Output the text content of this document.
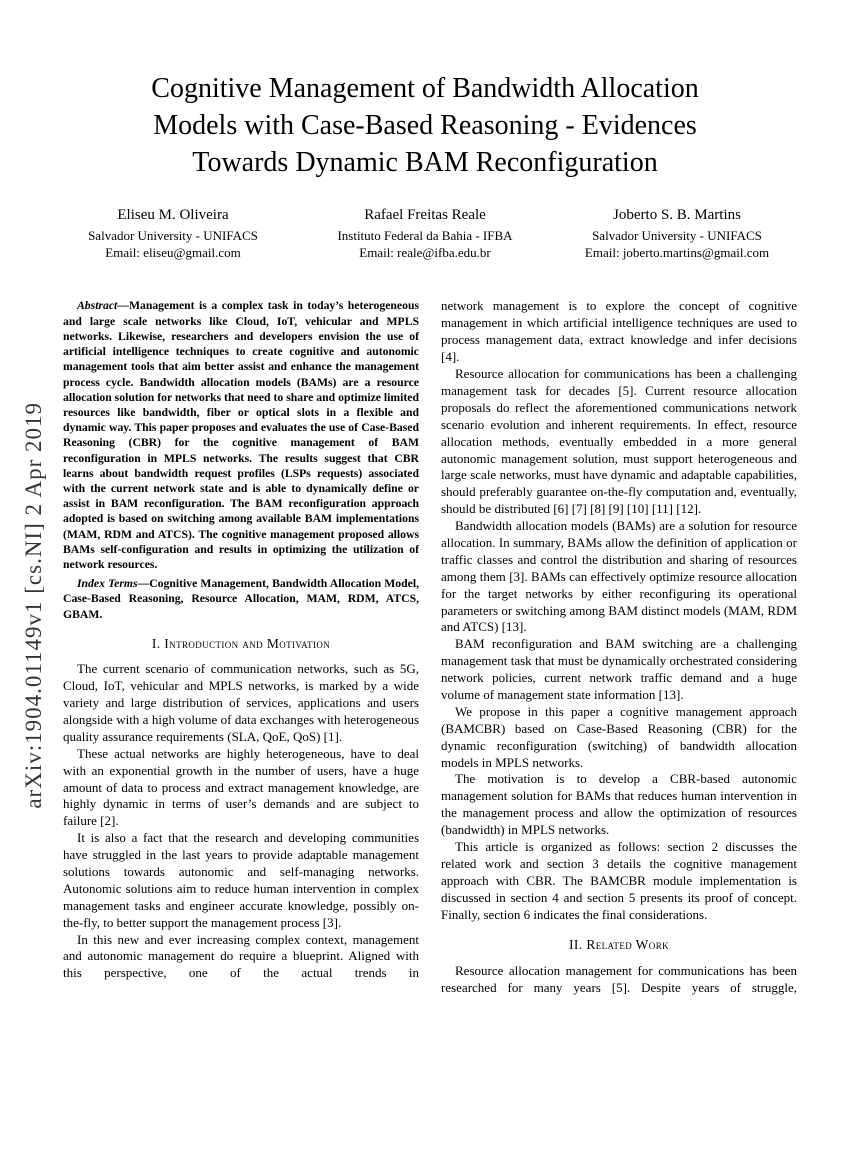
arXiv:1904.01149v1 [cs.NI] 2 Apr 2019
Cognitive Management of Bandwidth Allocation
Models with Case-Based Reasoning - Evidences
Towards Dynamic BAM Reconfiguration
Eliseu M. Oliveira
Salvador University - UNIFACS
Email: eliseu@gmail.com
Rafael Freitas Reale
Instituto Federal da Bahia - IFBA
Email: reale@ifba.edu.br
Joberto S. B. Martins
Salvador University - UNIFACS
Email: joberto.martins@gmail.com

Abstract—Management is a complex task in today’s heterogeneous and large scale networks like Cloud, IoT, vehicular and MPLS networks. Likewise, researchers and developers envision the use of artificial intelligence techniques to create cognitive and autonomic management tools that aim better assist and enhance the management process cycle. Bandwidth allocation models (BAMs) are a resource allocation solution for networks that need to share and optimize limited resources like bandwidth, fiber or optical slots in a flexible and dynamic way. This paper proposes and evaluates the use of Case-Based Reasoning (CBR) for the cognitive management of BAM reconfiguration in MPLS networks. The results suggest that CBR learns about bandwidth request profiles (LSPs requests) associated with the current network state and is able to dynamically define or assist in BAM reconfiguration. The BAM reconfiguration approach adopted is based on switching among available BAM implementations (MAM, RDM and ATCS). The cognitive management proposed allows BAMs self-configuration and results in optimizing the utilization of network resources.

Index Terms—Cognitive Management, Bandwidth Allocation Model, Case-Based Reasoning, Resource Allocation, MAM, RDM, ATCS, GBAM.

I. Introduction and Motivation

The current scenario of communication networks, such as 5G, Cloud, IoT, vehicular and MPLS networks, is marked by a wide variety and large distribution of services, applications and users alongside with a high volume of data exchanges with heterogeneous quality assurance requirements (SLA, QoE, QoS) [1].

These actual networks are highly heterogeneous, have to deal with an exponential growth in the number of users, have a huge amount of data to process and extract management knowledge, are highly dynamic in terms of user’s demands and are subject to failure [2].

It is also a fact that the research and developing communities have struggled in the last years to provide adaptable management solutions towards autonomic and self-managing networks. Autonomic solutions aim to reduce human intervention in complex management tasks and engineer accurate knowledge, possibly on-the-fly, to better support the management process [3].

In this new and ever increasing complex context, management and autonomic management do require a blueprint. Aligned with this perspective, one of the actual trends in

network management is to explore the concept of cognitive management in which artificial intelligence techniques are used to process management data, extract knowledge and infer decisions [4].

Resource allocation for communications has been a challenging management task for decades [5]. Current resource allocation proposals do reflect the aforementioned communications network scenario evolution and inherent requirements. In effect, resource allocation methods, eventually embedded in a more general autonomic management solution, must support heterogeneous and large scale networks, must have dynamic and adaptable capabilities, should preferably guarantee on-the-fly computation and, eventually, should be distributed [6] [7] [8] [9] [10] [11] [12].

Bandwidth allocation models (BAMs) are a solution for resource allocation. In summary, BAMs allow the definition of application or traffic classes and control the distribution and sharing of resources among them [3]. BAMs can effectively optimize resource allocation for the target networks by either reconfiguring its operational parameters or switching among BAM distinct models (MAM, RDM and ATCS) [13].

BAM reconfiguration and BAM switching are a challenging management task that must be dynamically orchestrated considering network policies, current network traffic demand and a huge volume of management state information [13].

We propose in this paper a cognitive management approach (BAMCBR) based on Case-Based Reasoning (CBR) for the dynamic reconfiguration (switching) of bandwidth allocation models in MPLS networks.

The motivation is to develop a CBR-based autonomic management solution for BAMs that reduces human intervention in the management process and allow the optimization of resources (bandwidth) in MPLS networks.

This article is organized as follows: section 2 discusses the related work and section 3 details the cognitive management approach with CBR. The BAMCBR module implementation is discussed in section 4 and section 5 presents its proof of concept. Finally, section 6 indicates the final considerations.

II. Related Work

Resource allocation management for communications has been researched for many years [5]. Despite years of struggle,
